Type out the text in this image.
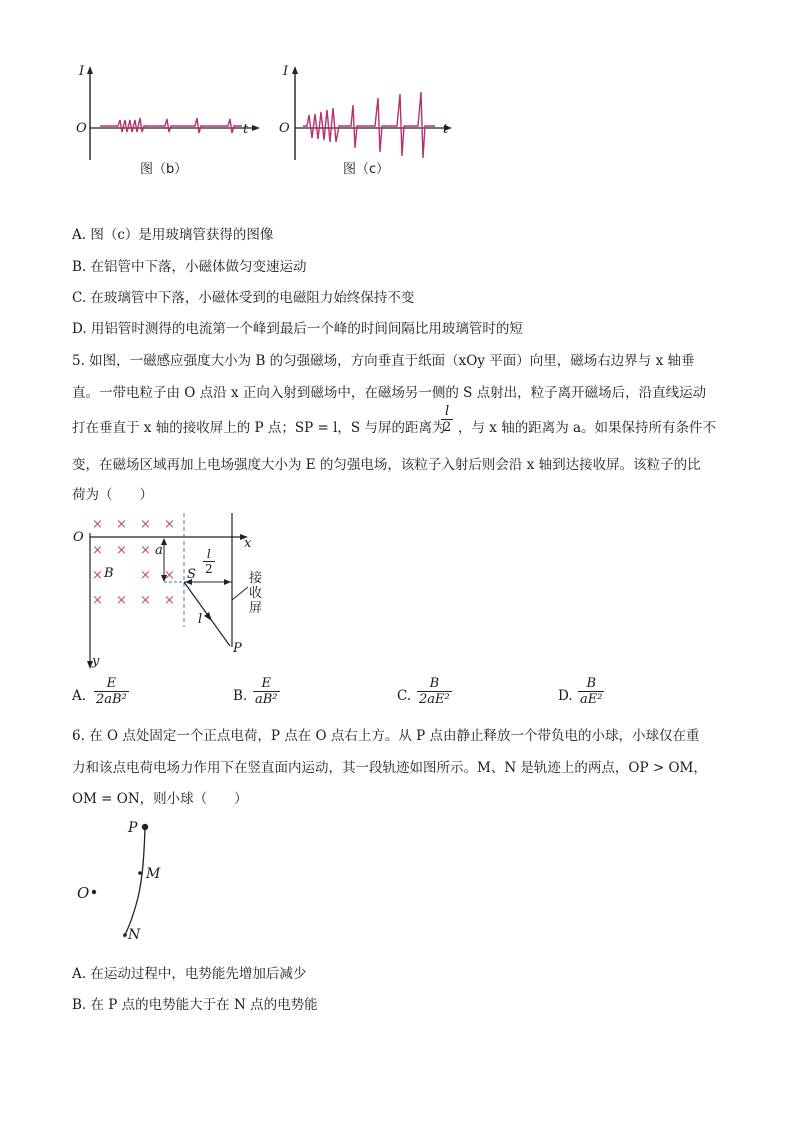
I
O	t
图（b）
I
O	t
图（c）
A. 图（c）是用玻璃管获得的图像
B. 在铝管中下落，小磁体做匀变速运动
C. 在玻璃管中下落，小磁体受到的电磁阻力始终保持不变
D. 用铝管时测得的电流第一个峰到最后一个峰的时间间隔比用玻璃管时的短
5. 如图，一磁感应强度大小为 B 的匀强磁场，方向垂直于纸面（xOy 平面）向里，磁场右边界与 x 轴垂
直。一带电粒子由 O 点沿 x 正向入射到磁场中，在磁场另一侧的 S 点射出，粒子离开磁场后，沿直线运动
打在垂直于 x 轴的接收屏上的 P 点；SP = l，S 与屏的距离为
$\frac{l}{2}$ ，与 x 轴的距离为 a。如果保持所有条件不
变，在磁场区域再加上电场强度大小为 E 的匀强电场，该粒子入射后则会沿 x 轴到达接收屏。该粒子的比
荷为（　　）
× × × ×
× × ×
×	× ×
× × × ×
O	x
y
B
a
S
P
l
$\frac{l}{2}$
接
收
屏
A. $\frac{E}{\text{2aB²}}$	B. $\frac{E}{\text{aB²}}$	C. $\frac{B}{\text{2aE²}}$	D. $\frac{B}{\text{aE²}}$
6. 在 O 点处固定一个正点电荷，P 点在 O 点右上方。从 P 点由静止释放一个带负电的小球，小球仅在重
力和该点电荷电场力作用下在竖直面内运动，其一段轨迹如图所示。M、N 是轨迹上的两点，OP > OM，
OM = ON，则小球（　　）
P
M
N
O
A. 在运动过程中，电势能先增加后减少
B. 在 P 点的电势能大于在 N 点的电势能
